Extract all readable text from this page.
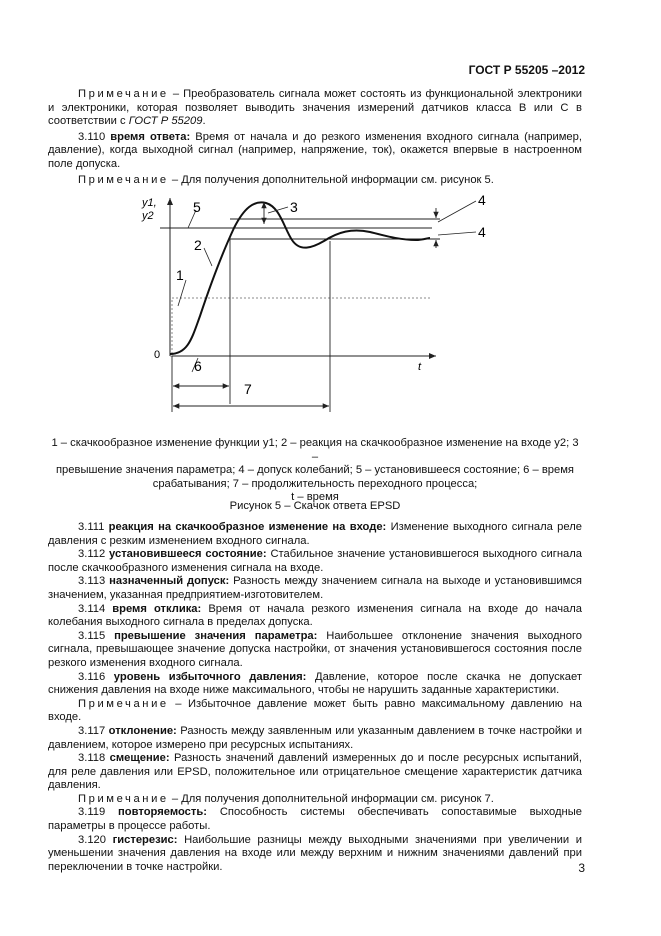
ГОСТ Р 55205 –2012

Примечание – Преобразователь сигнала может состоять из функциональной электроники и электроники, которая позволяет выводить значения измерений датчиков класса В или С в соответствии с ГОСТ Р 55209.

3.110 время ответа: Время от начала и до резкого изменения входного сигнала (например, давление), когда выходной сигнал (например, напряжение, ток), окажется впервые в настроенном поле допуска.

Примечание – Для получения дополнительной информации см. рисунок 5.

y1,
y2
0
t
1
2
3	4
4
5
6
7
1 – скачкообразное изменение функции y1; 2 – реакция на скачкообразное изменение на входе y2; 3 –
превышение значения параметра; 4 – допуск колебаний; 5 – установившееся состояние; 6 – время
срабатывания; 7 – продолжительность переходного процесса;
t – время
Рисунок 5 – Скачок ответа EPSD

3.111 реакция на скачкообразное изменение на входе: Изменение выходного сигнала реле давления с резким изменением входного сигнала.

3.112 установившееся состояние: Стабильное значение установившегося выходного сигнала после скачкообразного изменения сигнала на входе.

3.113 назначенный допуск: Разность между значением сигнала на выходе и установившимся значением, указанная предприятием-изготовителем.

3.114 время отклика: Время от начала резкого изменения сигнала на входе до начала колебания выходного сигнала в пределах допуска.

3.115 превышение значения параметра: Наибольшее отклонение значения выходного сигнала, превышающее значение допуска настройки, от значения установившегося состояния после резкого изменения входного сигнала.

3.116 уровень избыточного давления: Давление, которое после скачка не допускает снижения давления на входе ниже максимального, чтобы не нарушить заданные характеристики.

Примечание – Избыточное давление может быть равно максимальному давлению на входе.

3.117 отклонение: Разность между заявленным или указанным давлением в точке настройки и давлением, которое измерено при ресурсных испытаниях.

3.118 смещение: Разность значений давлений измеренных до и после ресурсных испытаний, для реле давления или EPSD, положительное или отрицательное смещение характеристик датчика давления.

Примечание – Для получения дополнительной информации см. рисунок 7.

3.119 повторяемость: Способность системы обеспечивать сопоставимые выходные параметры в процессе работы.

3.120 гистерезис: Наибольшие разницы между выходными значениями при увеличении и уменьшении значения давления на входе или между верхним и нижним значениями давлений при переключении в точке настройки.	3
